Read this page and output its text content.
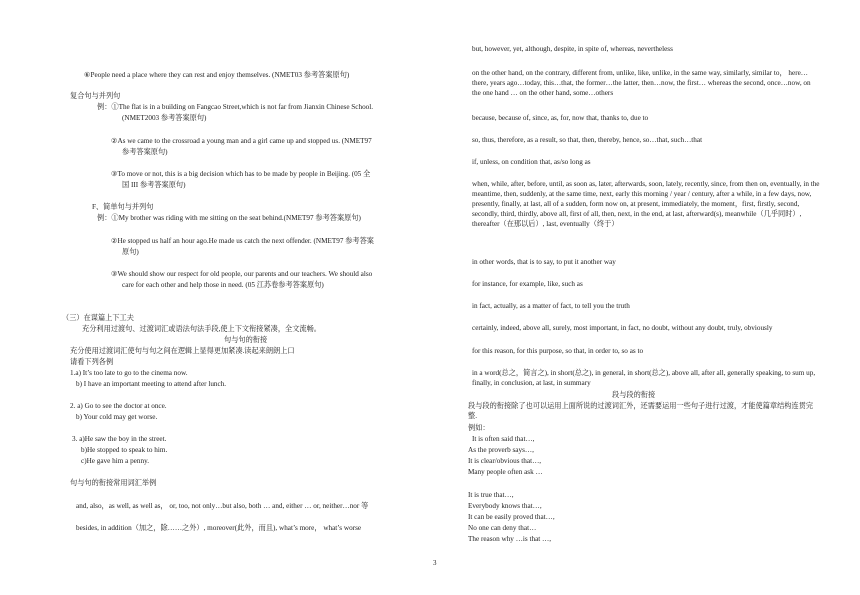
⑥People need a place where they can rest and enjoy themselves. (NMET03 参考答案原句)
复合句与并列句
例：①The flat is in a building on Fangcao Street,which is not far from Jianxin Chinese School.
(NMET2003 参考答案原句)
②As we came to the crossroad a young man and a girl came up and stopped us. (NMET97
参考答案原句)
③To move or not, this is a big decision which has to be made by people in Beijing. (05 全
国 III 参考答案原句)
F、简单句与并列句
例：①My brother was riding with me sitting on the seat behind.(NMET97 参考答案原句)
②He stopped us half an hour ago.He made us catch the next offender. (NMET97 参考答案
原句)
③We should show our respect for old people, our parents and our teachers. We should also
care for each other and help those in need. (05 江苏卷参考答案原句)
（三）在谋篇上下工夫
充分利用过渡句、过渡词汇或语法句法手段,使上下文衔接紧凑，全文流畅。
句与句的衔接
充分使用过渡词汇使句与句之间在逻辑上显得更加紧凑.读起来朗朗上口
请看下列各例
1.a) It’s too late to go to the cinema now.
b) I have an important meeting to attend after lunch.
2. a) Go to see the doctor at once.
b) Your cold may get worse.
3. a)He saw the boy in the street.
b)He stopped to speak to him.
c)He gave him a penny.
句与句的衔接常用词汇举例
and, also，as well, as well as， or, too, not only…but also, both … and, either … or, neither…nor 等
besides, in addition（加之，除……之外）, moreover(此外，而且), what’s more， what’s worse
but, however, yet, although, despite, in spite of, whereas, nevertheless
on the other hand, on the contrary, different from, unlike, like, unlike, in the same way, similarly, similar to， here…there, years ago…today, this…that, the former…the latter, then…now, the first… whereas the second, once…now, on the one hand … on the other hand, some…others
because, because of, since, as, for, now that, thanks to, due to
so, thus, therefore, as a result, so that, then, thereby, hence, so…that, such…that
if, unless, on condition that, as/so long as
when, while, after, before, until, as soon as, later, afterwards, soon, lately, recently, since, from then on, eventually, in the meantime, then, suddenly, at the same time, next, early this morning / year / century, after a while, in a few days, now, presently, finally, at last, all of a sudden, form now on, at present, immediately, the moment，first, firstly, second, secondly, third, thirdly, above all, first of all, then, next, in the end, at last, afterward(s), meanwhile（几乎同时）, thereafter（在那以后）, last, eventually（终于）
in other words, that is to say, to put it another way
for instance, for example, like, such as
in fact, actually, as a matter of fact, to tell you the truth
certainly, indeed, above all, surely, most important, in fact, no doubt, without any doubt, truly, obviously
for this reason, for this purpose, so that, in order to, so as to
in a word(总之，简言之), in short(总之), in general, in short(总之), above all, after all, generally speaking, to sum up, finally, in conclusion, at last, in summary
段与段的衔接
段与段的衔接除了也可以运用上面所说的过渡词汇外，还需要运用一些句子进行过渡，才能使篇章结构连贯完整.
例如：
It is often said that…,
As the proverb says…,
It is clear/obvious that…,
Many people often ask …
It is true that…,
Everybody knows that…,
It can be easily proved that…,
No one can deny that…
The reason why …is that …,
3
